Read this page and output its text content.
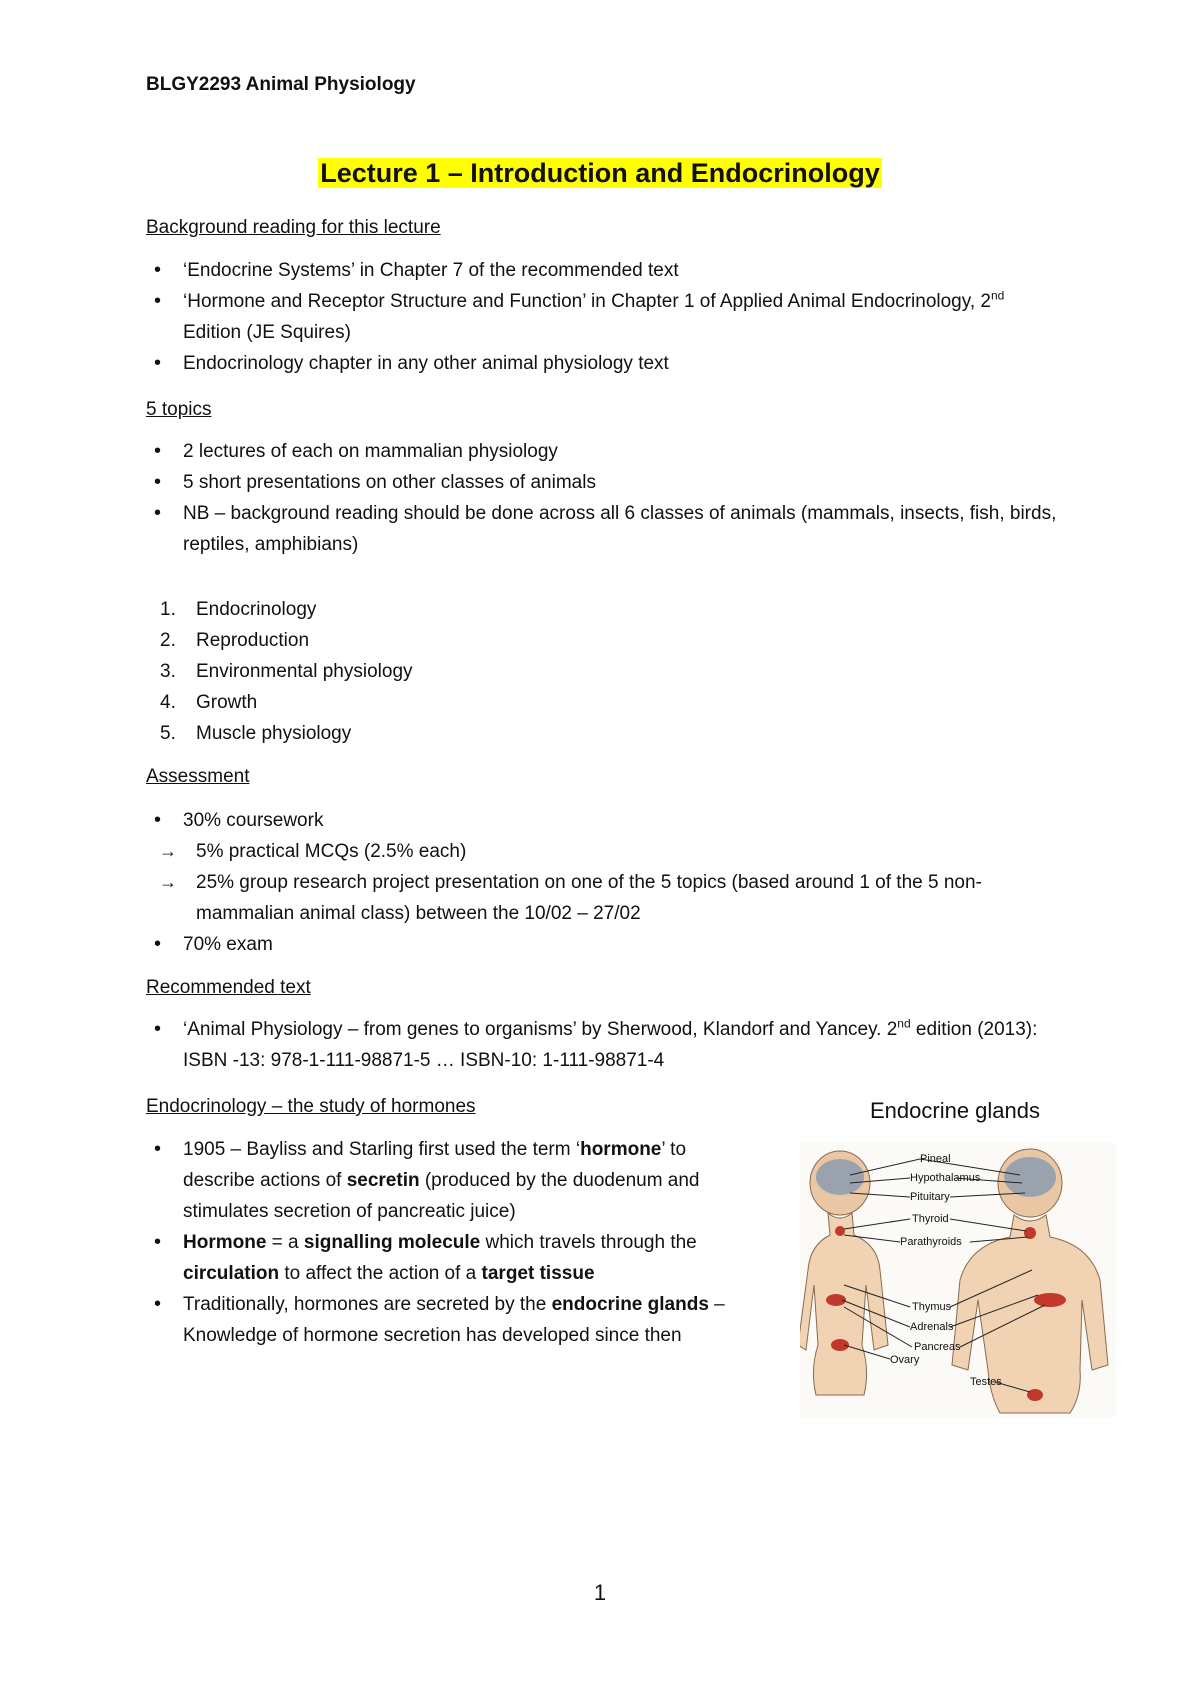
BLGY2293 Animal Physiology
Lecture 1 – Introduction and Endocrinology
Background reading for this lecture
• ‘Endocrine Systems’ in Chapter 7 of the recommended text
• ‘Hormone and Receptor Structure and Function’ in Chapter 1 of Applied Animal Endocrinology, 2nd Edition (JE Squires)
• Endocrinology chapter in any other animal physiology text
5 topics
• 2 lectures of each on mammalian physiology
• 5 short presentations on other classes of animals
• NB – background reading should be done across all 6 classes of animals (mammals, insects, fish, birds, reptiles, amphibians)
1. Endocrinology
2. Reproduction
3. Environmental physiology
4. Growth
5. Muscle physiology
Assessment
• 30% coursework
→ 5% practical MCQs (2.5% each)
→ 25% group research project presentation on one of the 5 topics (based around 1 of the 5 non-mammalian animal class) between the 10/02 – 27/02
• 70% exam
Recommended text
• ‘Animal Physiology – from genes to organisms’ by Sherwood, Klandorf and Yancey. 2nd edition (2013): ISBN -13: 978-1-111-98871-5 … ISBN-10: 1-111-98871-4
Endocrinology – the study of hormones
• 1905 – Bayliss and Starling first used the term ‘hormone’ to describe actions of secretin (produced by the duodenum and stimulates secretion of pancreatic juice)
• Hormone = a signalling molecule which travels through the circulation to affect the action of a target tissue
• Traditionally, hormones are secreted by the endocrine glands – Knowledge of hormone secretion has developed since then
Endocrine glands
Pineal
Hypothalamus
Pituitary
Thyroid
Parathyroids
Thymus
Adrenals
Pancreas
Ovary
Testes
1
